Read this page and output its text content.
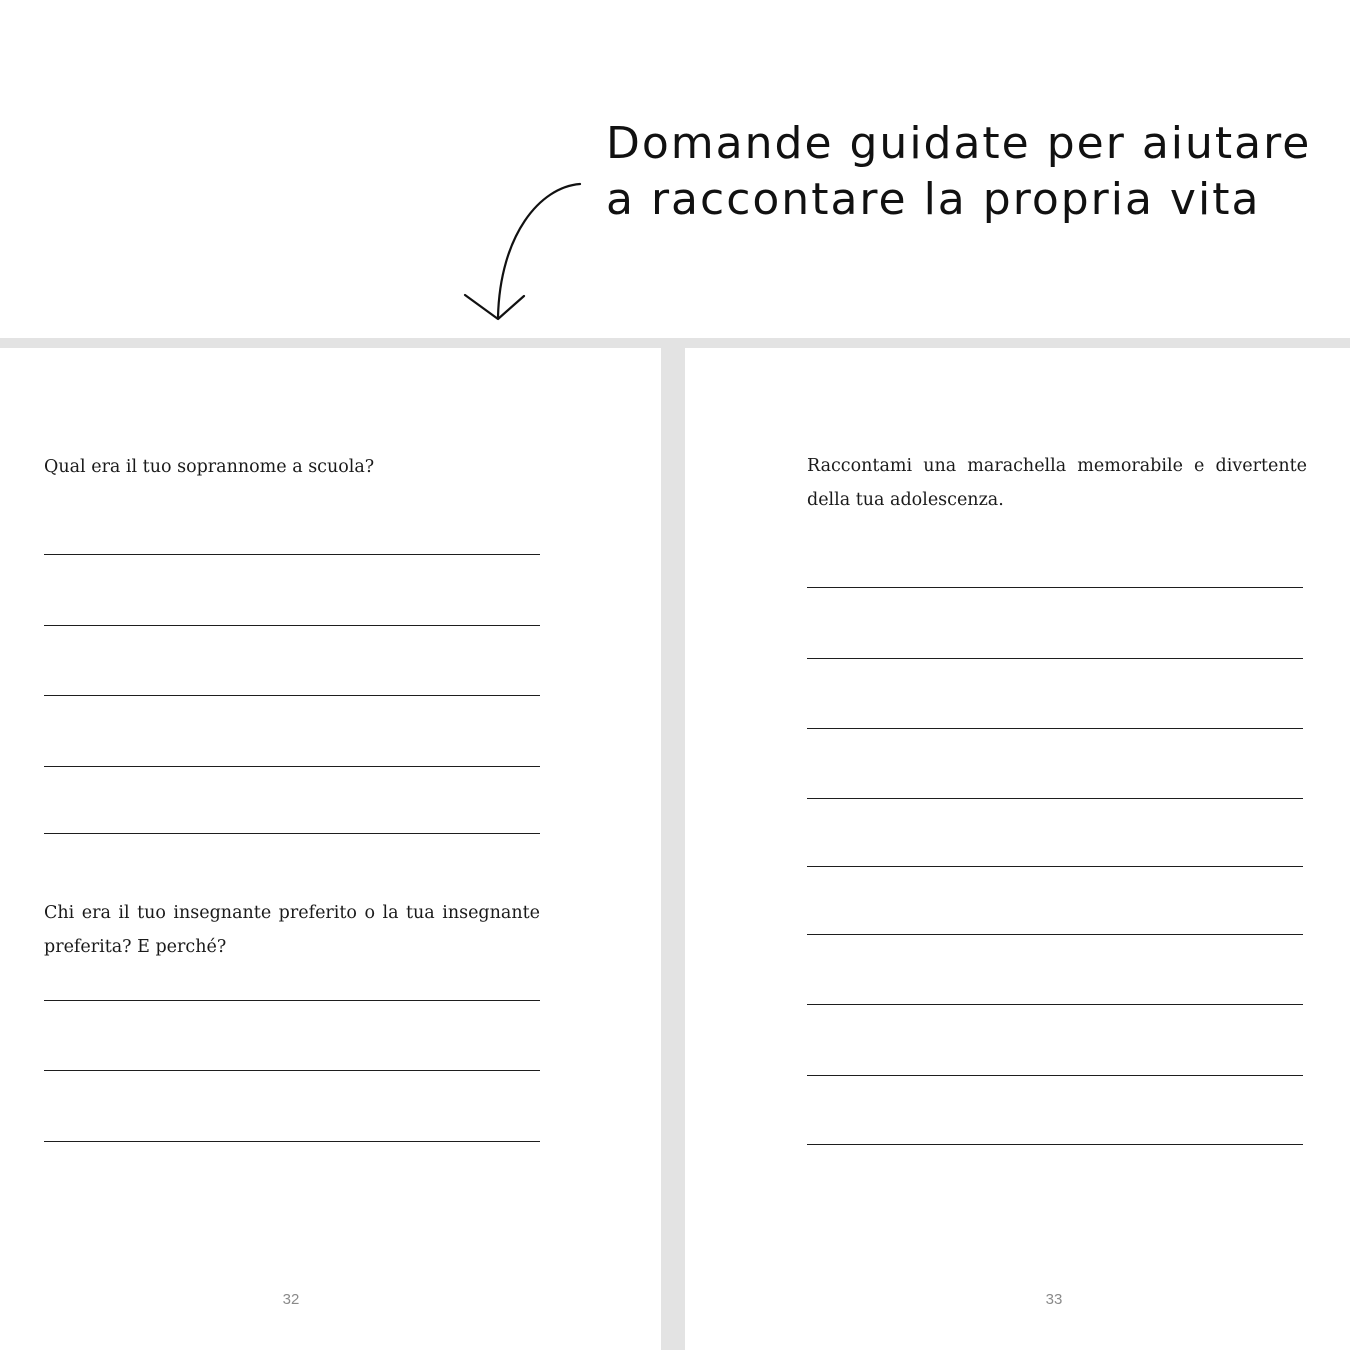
Domande guidate per aiutare
a raccontare la propria vita

Qual era il tuo soprannome a scuola?

Chi era il tuo insegnante preferito o la tua insegnante preferita? E perché?

32

Raccontami una marachella memorabile e divertente della tua adolescenza.

33
